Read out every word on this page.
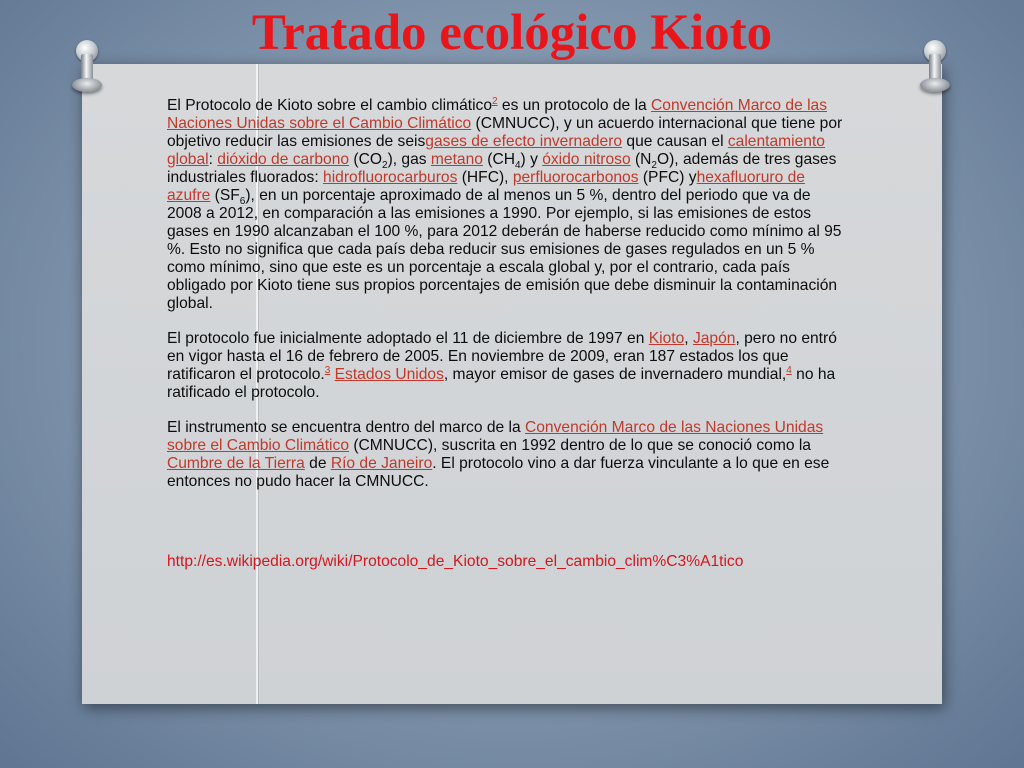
Tratado ecológico Kioto

El Protocolo de Kioto sobre el cambio climático$^2$ es un protocolo de la Convención Marco de las Naciones Unidas sobre el Cambio Climático (CMNUCC), y un acuerdo internacional que tiene por objetivo reducir las emisiones de seisgases de efecto invernadero que causan el calentamiento global: dióxido de carbono $(CO_2)$, gas metano $(CH_4)$ y óxido nitroso $(N_2O)$, además de tres gases industriales fluorados: hidrofluorocarburos (HFC), perfluorocarbonos (PFC) yhexafluoruro de azufre $(SF_6)$, en un porcentaje aproximado de al menos un 5 %, dentro del periodo que va de 2008 a 2012, en comparación a las emisiones a 1990. Por ejemplo, si las emisiones de estos gases en 1990 alcanzaban el 100 %, para 2012 deberán de haberse reducido como mínimo al 95 %. Esto no significa que cada país deba reducir sus emisiones de gases regulados en un 5 % como mínimo, sino que este es un porcentaje a escala global y, por el contrario, cada país obligado por Kioto tiene sus propios porcentajes de emisión que debe disminuir la contaminación global.

El protocolo fue inicialmente adoptado el 11 de diciembre de 1997 en Kioto, Japón, pero no entró en vigor hasta el 16 de febrero de 2005. En noviembre de 2009, eran 187 estados los que ratificaron el protocolo.$^3$ Estados Unidos, mayor emisor de gases de invernadero mundial,$^4$ no ha ratificado el protocolo.

El instrumento se encuentra dentro del marco de la Convención Marco de las Naciones Unidas sobre el Cambio Climático (CMNUCC), suscrita en 1992 dentro de lo que se conoció como la Cumbre de la Tierra de Río de Janeiro. El protocolo vino a dar fuerza vinculante a lo que en ese entonces no pudo hacer la CMNUCC.

http://es.wikipedia.org/wiki/Protocolo_de_Kioto_sobre_el_cambio_clim%C3%A1tico
